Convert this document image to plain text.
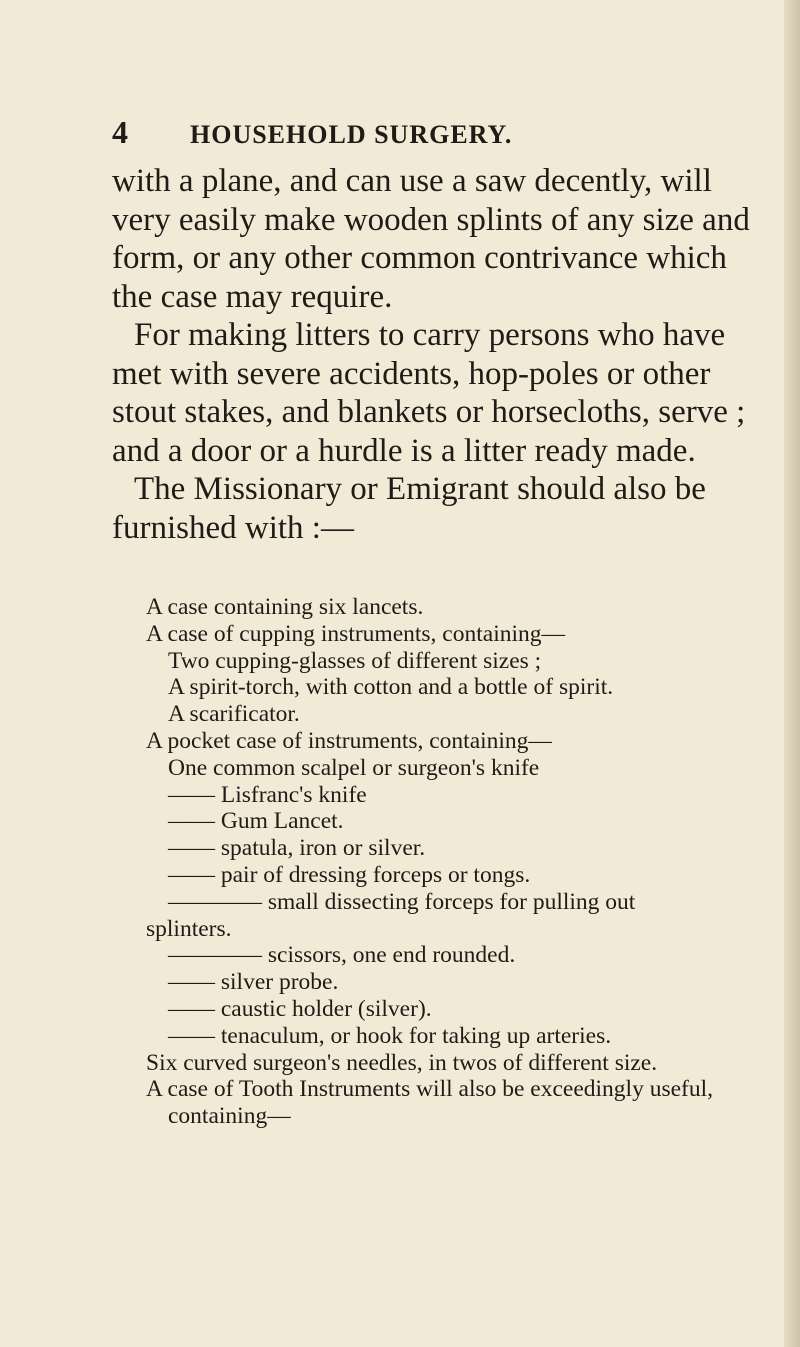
4 HOUSEHOLD SURGERY.

with a plane, and can use a saw decently, will very easily make wooden splints of any size and form, or any other common contrivance which the case may require.

For making litters to carry persons who have met with severe accidents, hop-poles or other stout stakes, and blankets or horsecloths, serve ; and a door or a hurdle is a litter ready made.

The Missionary or Emigrant should also be furnished with :—

A case containing six lancets.
A case of cupping instruments, containing—
Two cupping-glasses of different sizes ;
A spirit-torch, with cotton and a bottle of spirit.
A scarificator.
A pocket case of instruments, containing—
One common scalpel or surgeon's knife
—— Lisfranc's knife
—— Gum Lancet.
—— spatula, iron or silver.
—— pair of dressing forceps or tongs.
———— small dissecting forceps for pulling out
splinters.
———— scissors, one end rounded.
—— silver probe.
—— caustic holder (silver).
—— tenaculum, or hook for taking up arteries.
Six curved surgeon's needles, in twos of different size.
A case of Tooth Instruments will also be exceedingly useful, containing—
